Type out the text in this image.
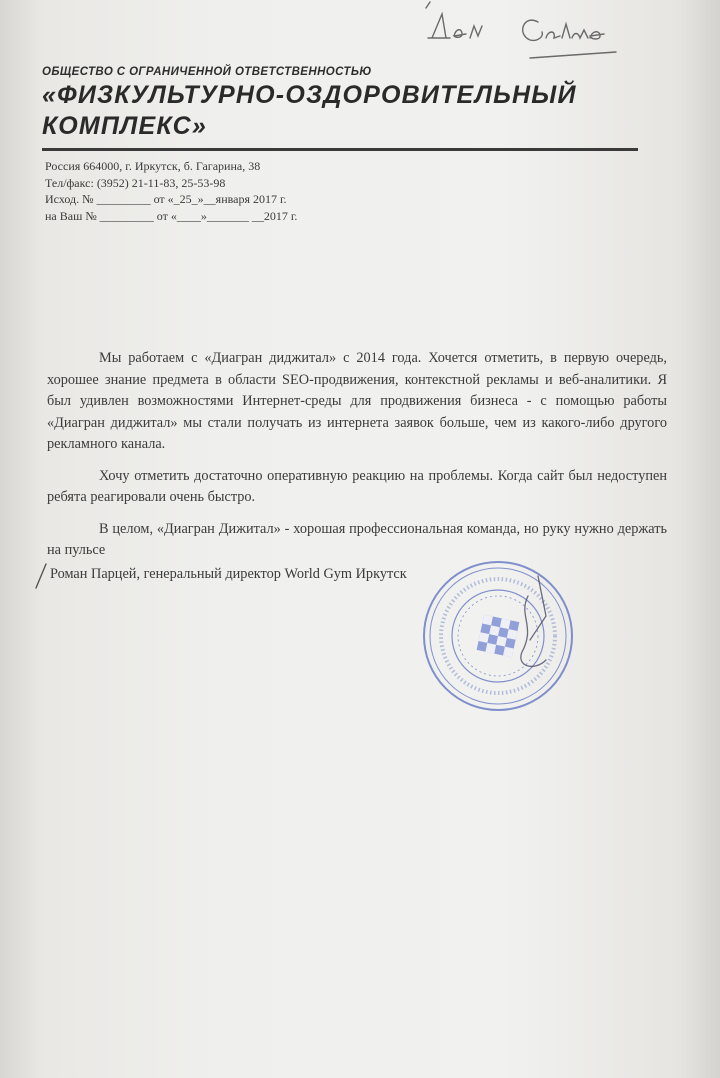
ОБЩЕСТВО С ОГРАНИЧЕННОЙ ОТВЕТСТВЕННОСТЬЮ
«ФИЗКУЛЬТУРНО-ОЗДОРОВИТЕЛЬНЫЙ
КОМПЛЕКС»
Россия 664000, г. Иркутск, б. Гагарина, 38
Тел/факс: (3952) 21-11-83, 25-53-98
Исход. № _________ от «_25_»__января 2017 г.
на Ваш № _________ от «____»_______ __2017 г.

Мы работаем с «Диагран диджитал» с 2014 года. Хочется отметить, в первую очередь, хорошее знание предмета в области SEO-продвижения, контекстной рекламы и веб-аналитики. Я был удивлен возможностями Интернет-среды для продвижения бизнеса - с помощью работы «Диагран диджитал» мы стали получать из интернета заявок больше, чем из какого-либо другого рекламного канала.

Хочу отметить достаточно оперативную реакцию на проблемы. Когда сайт был недоступен ребята реагировали очень быстро.

В целом, «Диагран Дижитал» - хорошая профессиональная команда, но руку нужно держать на пульсе

Роман Парцей, генеральный директор World Gym Иркутск
